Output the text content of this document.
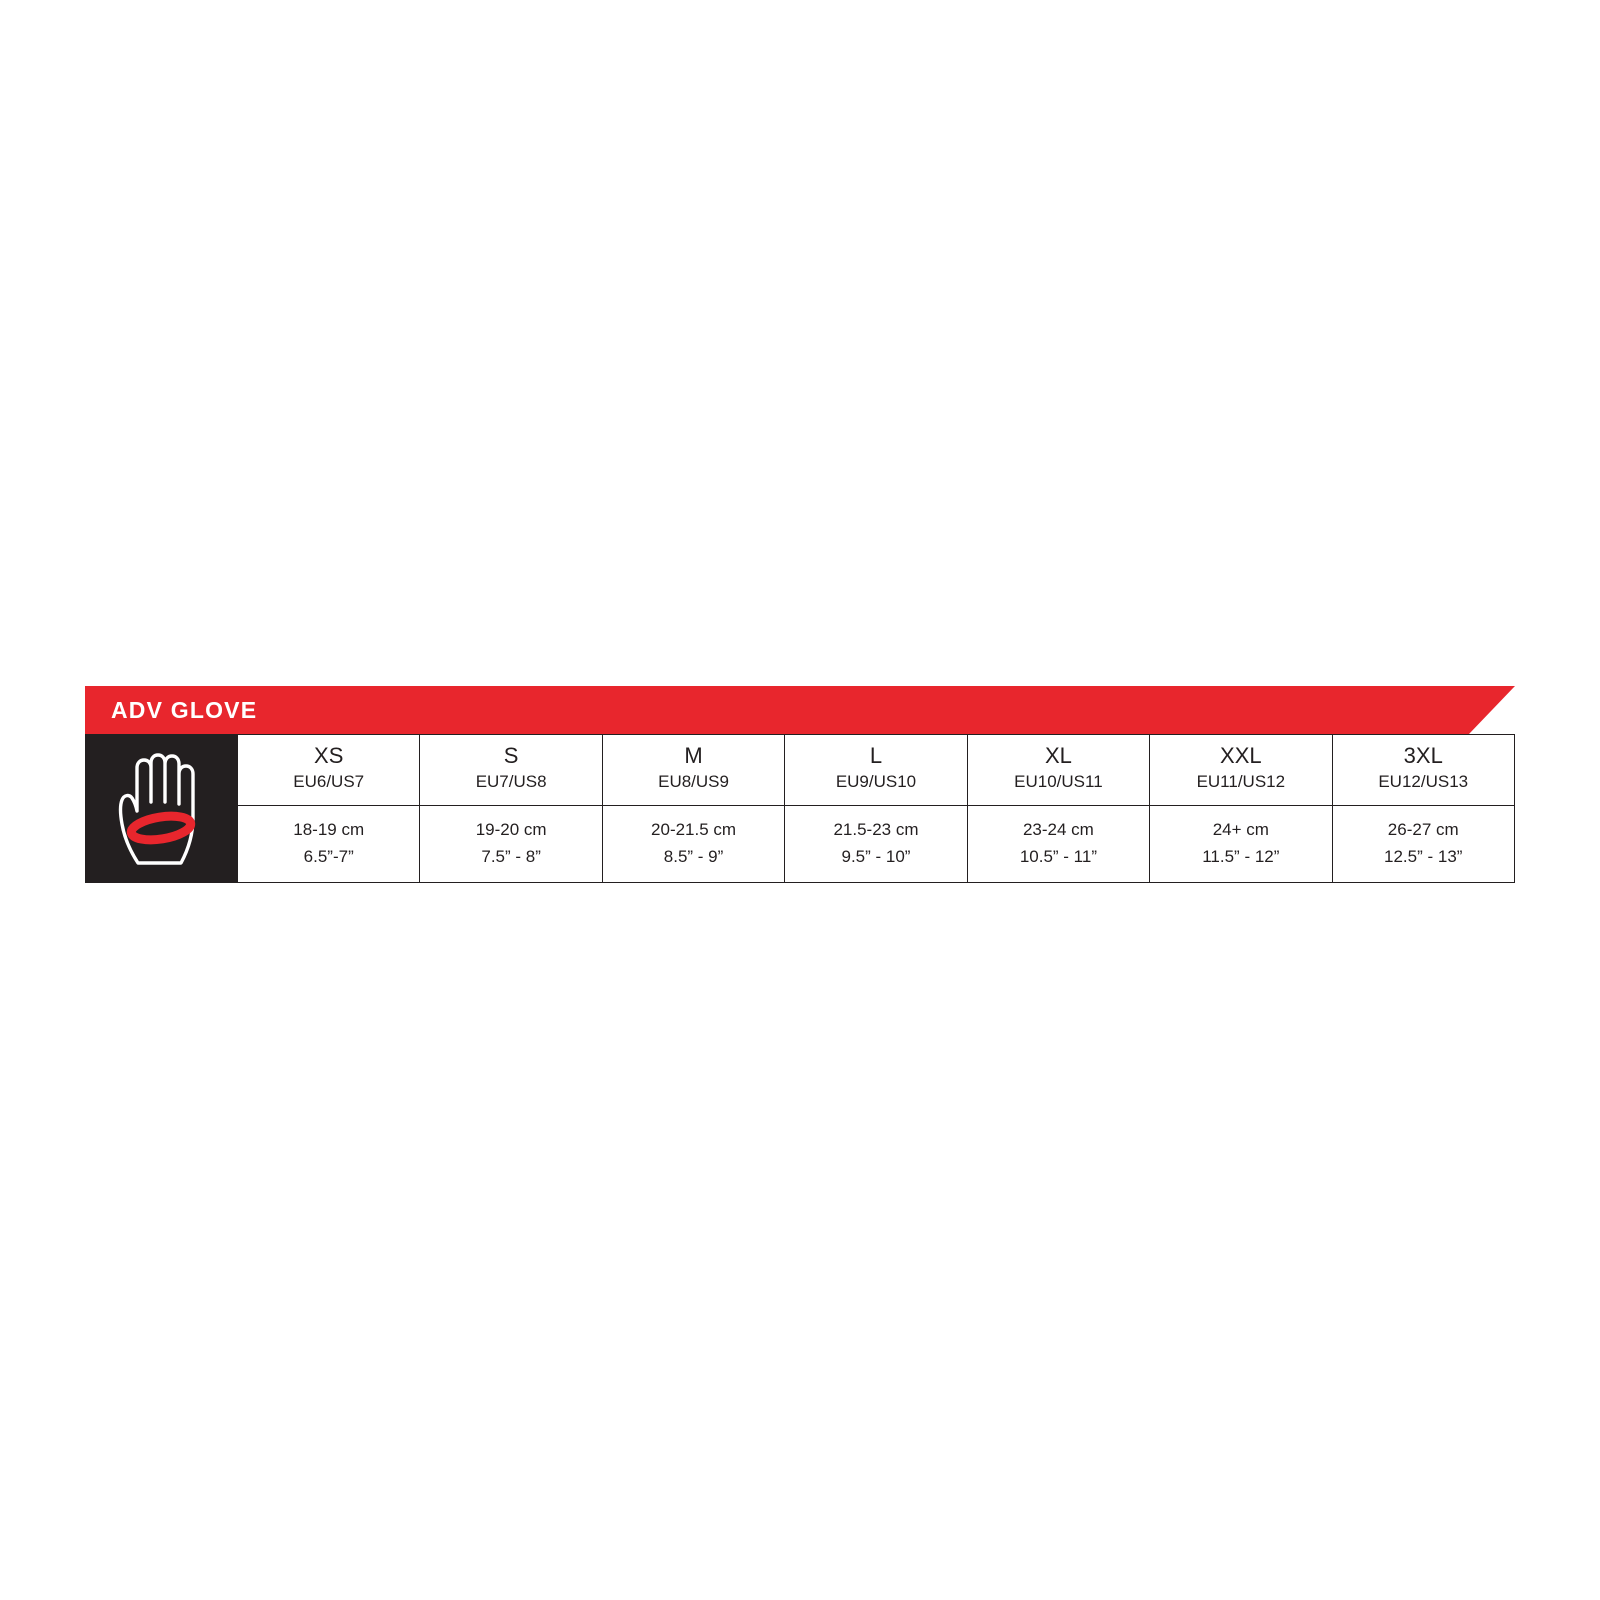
ADV GLOVE
XS
EU6/US7
18-19 cm
6.5”-7”
S
EU7/US8
19-20 cm
7.5” - 8”
M
EU8/US9
20-21.5 cm
8.5” - 9”
L
EU9/US10
21.5-23 cm
9.5” - 10”
XL
EU10/US11
23-24 cm
10.5” - 11”
XXL
EU11/US12
24+ cm
11.5” - 12”
3XL
EU12/US13
26-27 cm
12.5” - 13”
